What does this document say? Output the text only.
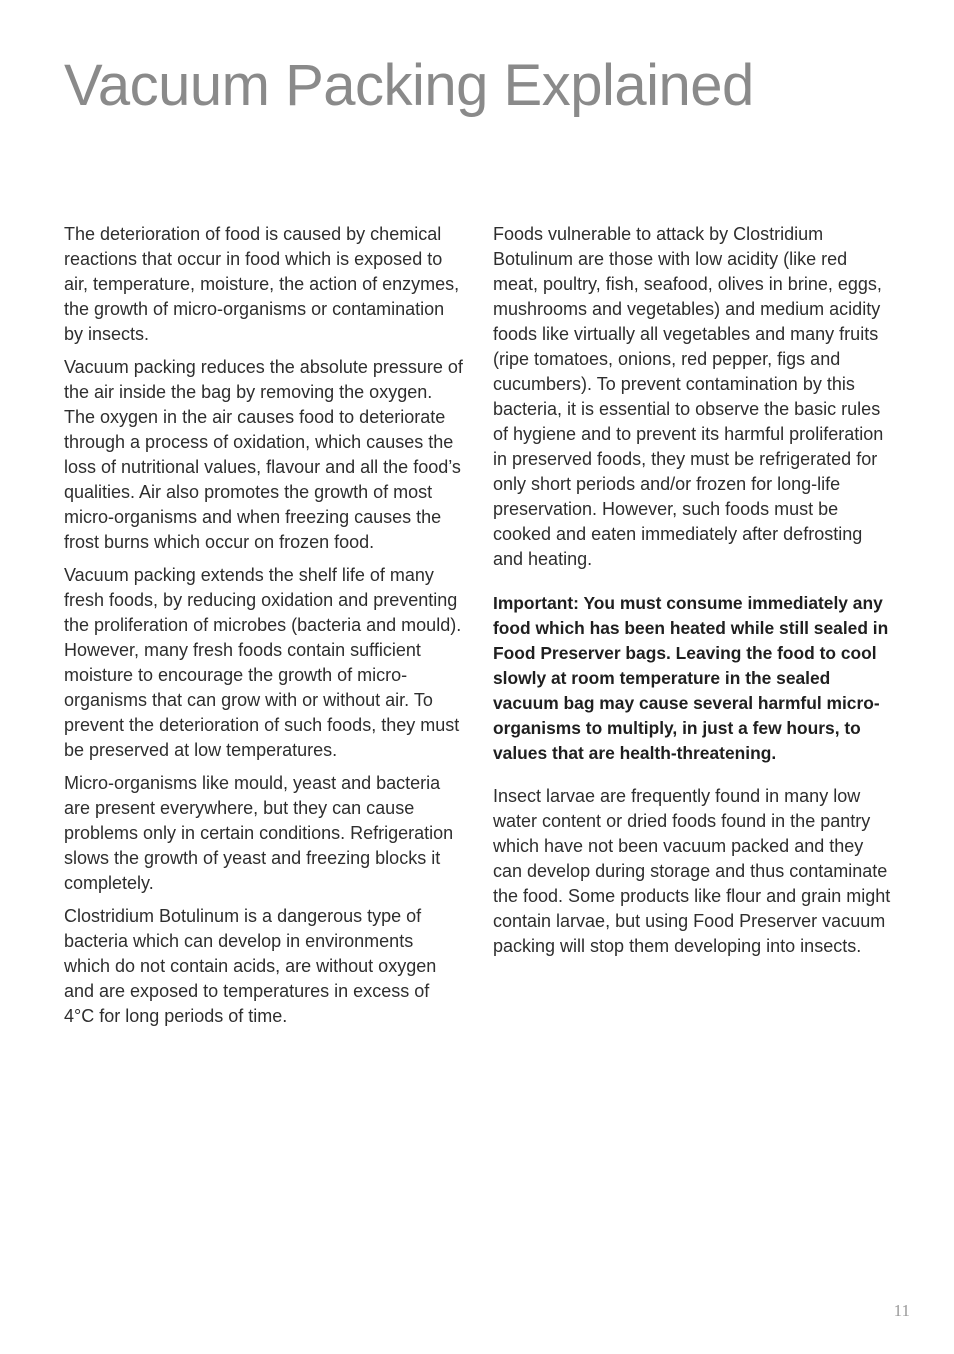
Vacuum Packing Explained

The deterioration of food is caused by chemical reactions that occur in food which is exposed to air, temperature, moisture, the action of enzymes, the growth of micro-organisms or contamination by insects.

Vacuum packing reduces the absolute pressure of the air inside the bag by removing the oxygen. The oxygen in the air causes food to deteriorate through a process of oxidation, which causes the loss of nutritional values, flavour and all the food’s qualities. Air also promotes the growth of most micro-organisms and when freezing causes the frost burns which occur on frozen food.

Vacuum packing extends the shelf life of many fresh foods, by reducing oxidation and preventing the proliferation of microbes (bacteria and mould). However, many fresh foods contain sufficient moisture to encourage the growth of micro-organisms that can grow with or without air. To prevent the deterioration of such foods, they must be preserved at low temperatures.

Micro-organisms like mould, yeast and bacteria are present everywhere, but they can cause problems only in certain conditions. Refrigeration slows the growth of yeast and freezing blocks it completely.

Clostridium Botulinum is a dangerous type of bacteria which can develop in environments which do not contain acids, are without oxygen and are exposed to temperatures in excess of 4°C for long periods of time.

Foods vulnerable to attack by Clostridium Botulinum are those with low acidity (like red meat, poultry, fish, seafood, olives in brine, eggs, mushrooms and vegetables) and medium acidity foods like virtually all vegetables and many fruits (ripe tomatoes, onions, red pepper, figs and cucumbers). To prevent contamination by this bacteria, it is essential to observe the basic rules of hygiene and to prevent its harmful proliferation in preserved foods, they must be refrigerated for only short periods and/or frozen for long-life preservation. However, such foods must be cooked and eaten immediately after defrosting and heating.

Important: You must consume immediately any food which has been heated while still sealed in Food Preserver bags. Leaving the food to cool slowly at room temperature in the sealed vacuum bag may cause several harmful micro-organisms to multiply, in just a few hours, to values that are health-threatening.

Insect larvae are frequently found in many low water content or dried foods found in the pantry which have not been vacuum packed and they can develop during storage and thus contaminate the food. Some products like flour and grain might contain larvae, but using Food Preserver vacuum packing will stop them developing into insects.

11
